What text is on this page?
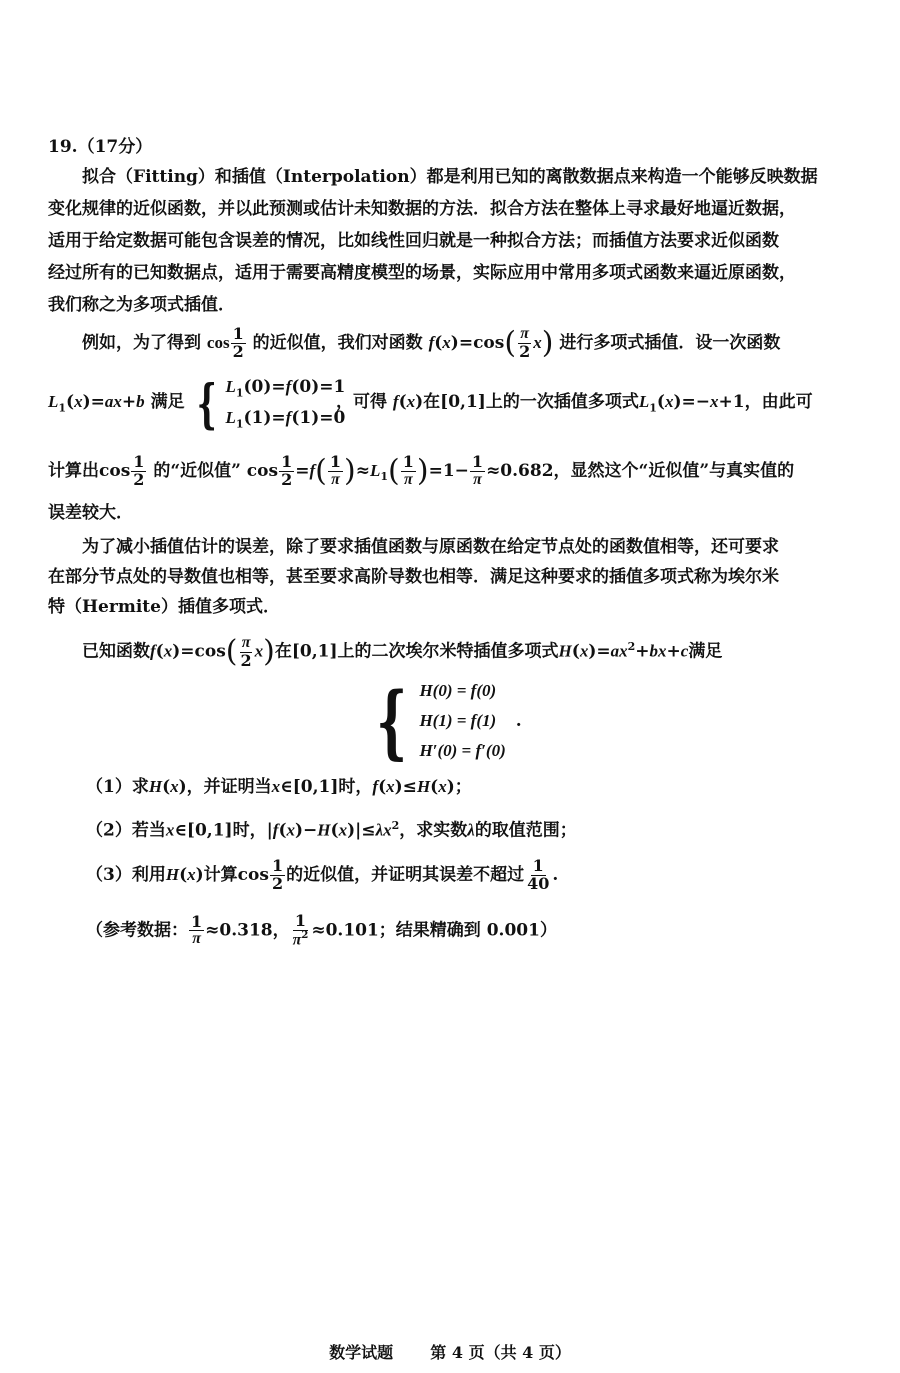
19.（17分）
拟合（Fitting）和插值（Interpolation）都是利用已知的离散数据点来构造一个能够反映数据
变化规律的近似函数，并以此预测或估计未知数据的方法．拟合方法在整体上寻求最好地逼近数据，
适用于给定数据可能包含误差的情况，比如线性回归就是一种拟合方法；而插值方法要求近似函数
经过所有的已知数据点，适用于需要高精度模型的场景，实际应用中常用多项式函数来逼近原函数，
我们称之为多项式插值．
例如，为了得到 $\cos \frac{1}{2}$ 的近似值，我们对函数 $f(x)=\cos( \frac{\pi}{2} x)$ 进行多项式插值．设一次函数
$L_1(x)=ax+b$ 满足 { $L_1(0)=f(0)=1$
$L_1(1)=f(1)=0$
，可得 f(x)在[0,1]上的一次插值多项式$L_1(x)=-x+1$，由此可
计算出$\cos \frac{1}{2}$ 的“近似值” $\cos \frac{1}{2} =f( \frac{1}{\pi} )\approx L_1( \frac{1}{\pi} )=1- \frac{1}{\pi} \approx 0.682$，显然这个“近似值”与真实值的
误差较大．
为了减小插值估计的误差，除了要求插值函数与原函数在给定节点处的函数值相等，还可要求
在部分节点处的导数值也相等，甚至要求高阶导数也相等．满足这种要求的插值多项式称为埃尔米
特（Hermite）插值多项式．
已知函数$f(x)=\cos( \frac{\pi}{2} x)$在[0,1]上的二次埃尔米特插值多项式$H(x)=ax^2+bx+c$满足
{ H(0) = f(0)
H(1) = f(1)
H′(0) = f′(0)
.
（1）求H(x)，并证明当x∈[0,1]时，f(x)≤H(x)；
（2）若当x∈[0,1]时，$|f(x)-H(x)|\le\lambda x^2$，求实数λ的取值范围；
（3）利用H(x)计算$\cos \frac{1}{2}$ 的近似值，并证明其误差不超过 $\frac{1}{40}$ .
（参考数据： $\frac{1}{\pi} \approx 0.318$， $\frac{1}{\pi^2} \approx 0.101$；结果精确到 0.001）
数学试题 第 4 页（共 4 页）
